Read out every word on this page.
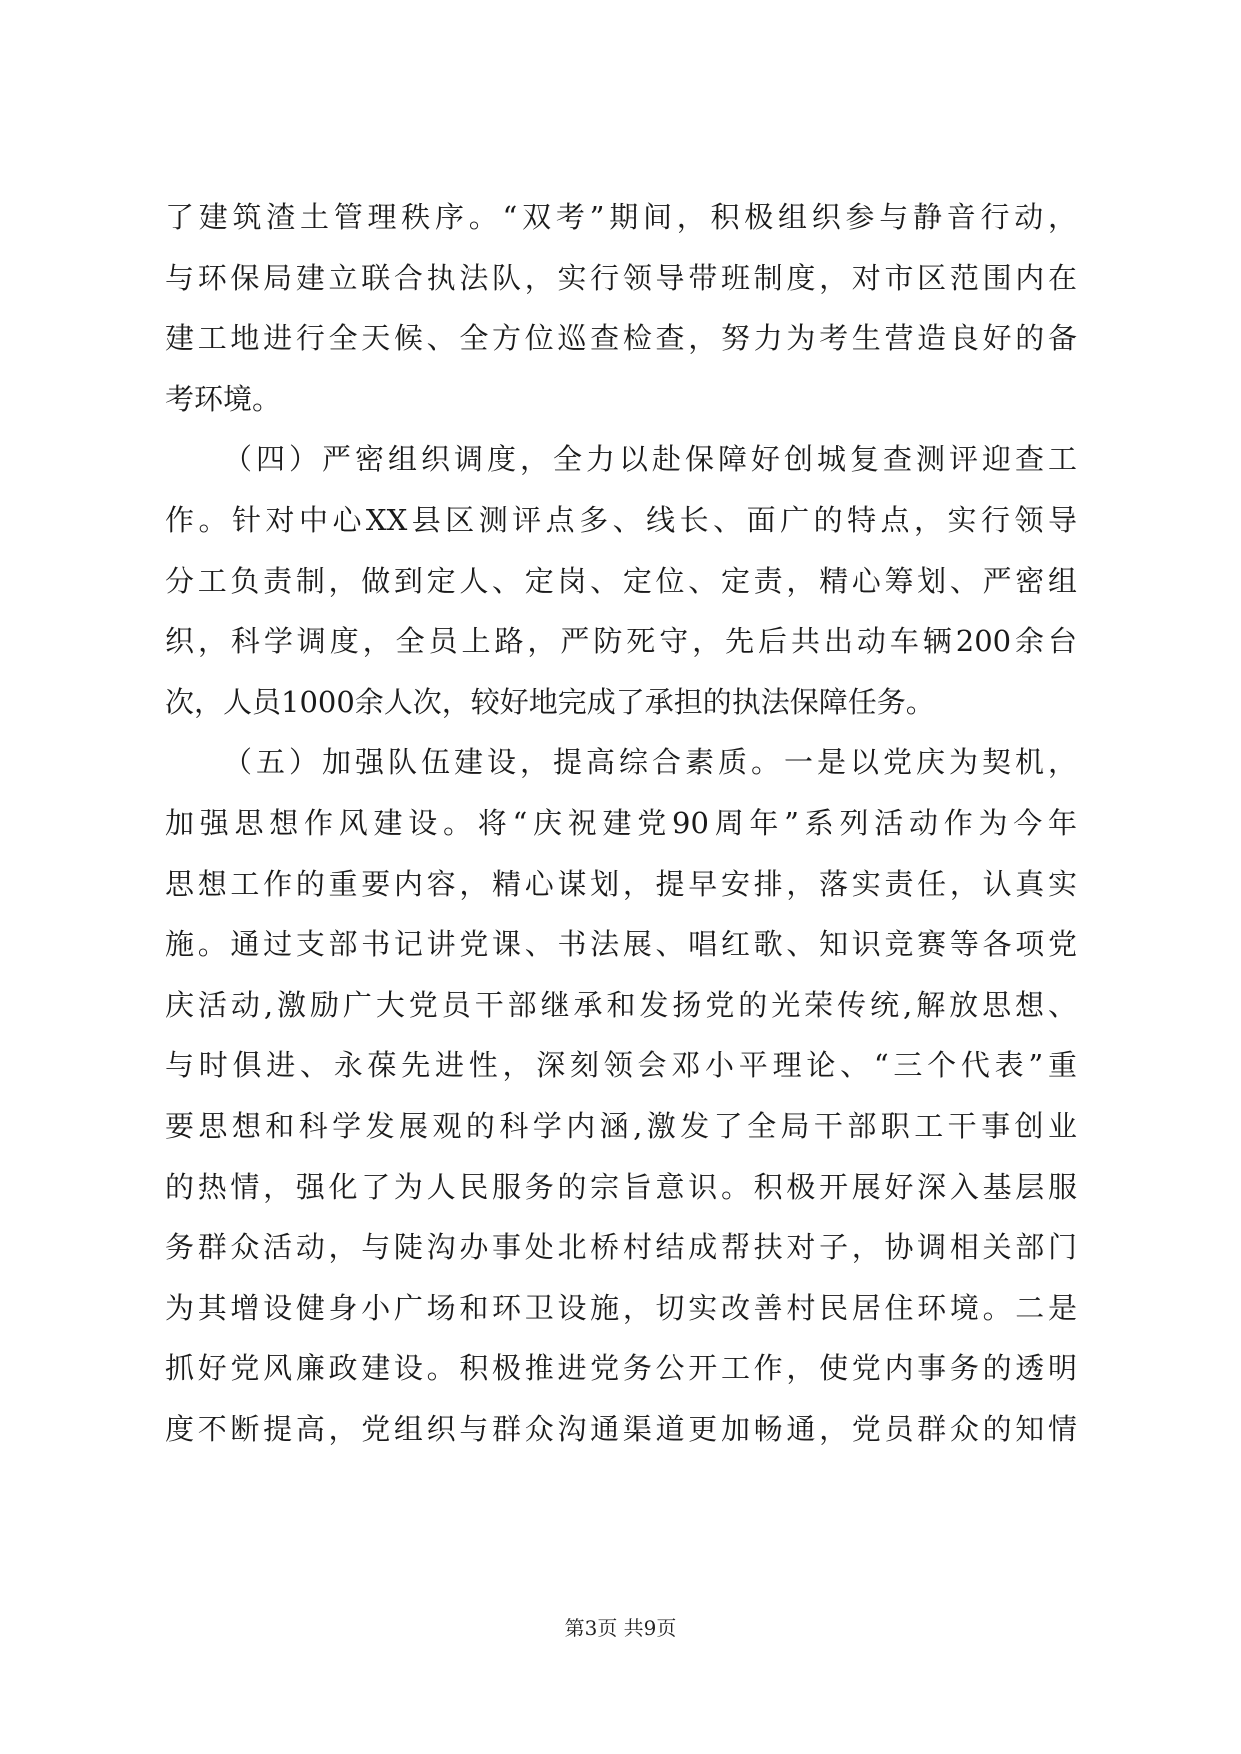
了建筑渣土管理秩序。“双考”期间，积极组织参与静音行动，
与环保局建立联合执法队，实行领导带班制度，对市区范围内在
建工地进行全天候、全方位巡查检查，努力为考生营造良好的备
考环境。
（四）严密组织调度，全力以赴保障好创城复查测评迎查工
作。针对中心XX县区测评点多、线长、面广的特点，实行领导
分工负责制，做到定人、定岗、定位、定责，精心筹划、严密组
织，科学调度，全员上路，严防死守，先后共出动车辆200余台
次，人员1000余人次，较好地完成了承担的执法保障任务。
（五）加强队伍建设，提高综合素质。一是以党庆为契机，
加强思想作风建设。将“庆祝建党90周年”系列活动作为今年
思想工作的重要内容，精心谋划，提早安排，落实责任，认真实
施。通过支部书记讲党课、书法展、唱红歌、知识竞赛等各项党
庆活动,激励广大党员干部继承和发扬党的光荣传统,解放思想、
与时俱进、永葆先进性，深刻领会邓小平理论、“三个代表”重
要思想和科学发展观的科学内涵,激发了全局干部职工干事创业
的热情，强化了为人民服务的宗旨意识。积极开展好深入基层服
务群众活动，与陡沟办事处北桥村结成帮扶对子，协调相关部门
为其增设健身小广场和环卫设施，切实改善村民居住环境。二是
抓好党风廉政建设。积极推进党务公开工作，使党内事务的透明
度不断提高，党组织与群众沟通渠道更加畅通，党员群众的知情
第3页 共9页
